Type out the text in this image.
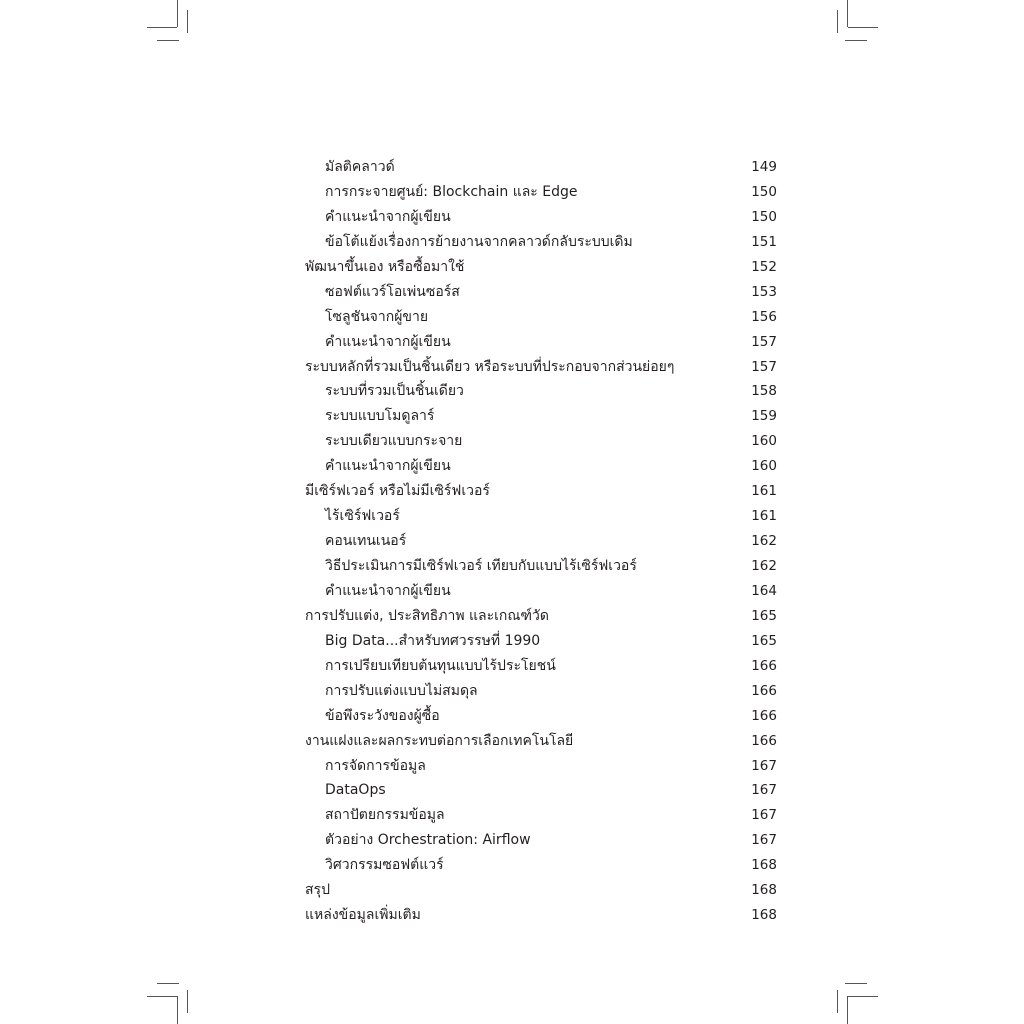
มัลติคลาวด์	149
การกระจายศูนย์: Blockchain และ Edge	150
คำแนะนำจากผู้เขียน	150
ข้อโต้แย้งเรื่องการย้ายงานจากคลาวด์กลับระบบเดิม	151
พัฒนาขึ้นเอง หรือซื้อมาใช้	152
ซอฟต์แวร์โอเพ่นซอร์ส	153
โซลูชันจากผู้ขาย	156
คำแนะนำจากผู้เขียน	157
ระบบหลักที่รวมเป็นชิ้นเดียว หรือระบบที่ประกอบจากส่วนย่อยๆ	157
ระบบที่รวมเป็นชิ้นเดียว	158
ระบบแบบโมดูลาร์	159
ระบบเดียวแบบกระจาย	160
คำแนะนำจากผู้เขียน	160
มีเซิร์ฟเวอร์ หรือไม่มีเซิร์ฟเวอร์	161
ไร้เซิร์ฟเวอร์	161
คอนเทนเนอร์	162
วิธีประเมินการมีเซิร์ฟเวอร์ เทียบกับแบบไร้เซิร์ฟเวอร์	162
คำแนะนำจากผู้เขียน	164
การปรับแต่ง, ประสิทธิภาพ และเกณฑ์วัด	165
Big Data...สำหรับทศวรรษที่ 1990	165
การเปรียบเทียบต้นทุนแบบไร้ประโยชน์	166
การปรับแต่งแบบไม่สมดุล	166
ข้อพึงระวังของผู้ซื้อ	166
งานแฝงและผลกระทบต่อการเลือกเทคโนโลยี	166
การจัดการข้อมูล	167
DataOps	167
สถาปัตยกรรมข้อมูล	167
ตัวอย่าง Orchestration: Airflow	167
วิศวกรรมซอฟต์แวร์	168
สรุป	168
แหล่งข้อมูลเพิ่มเติม	168
